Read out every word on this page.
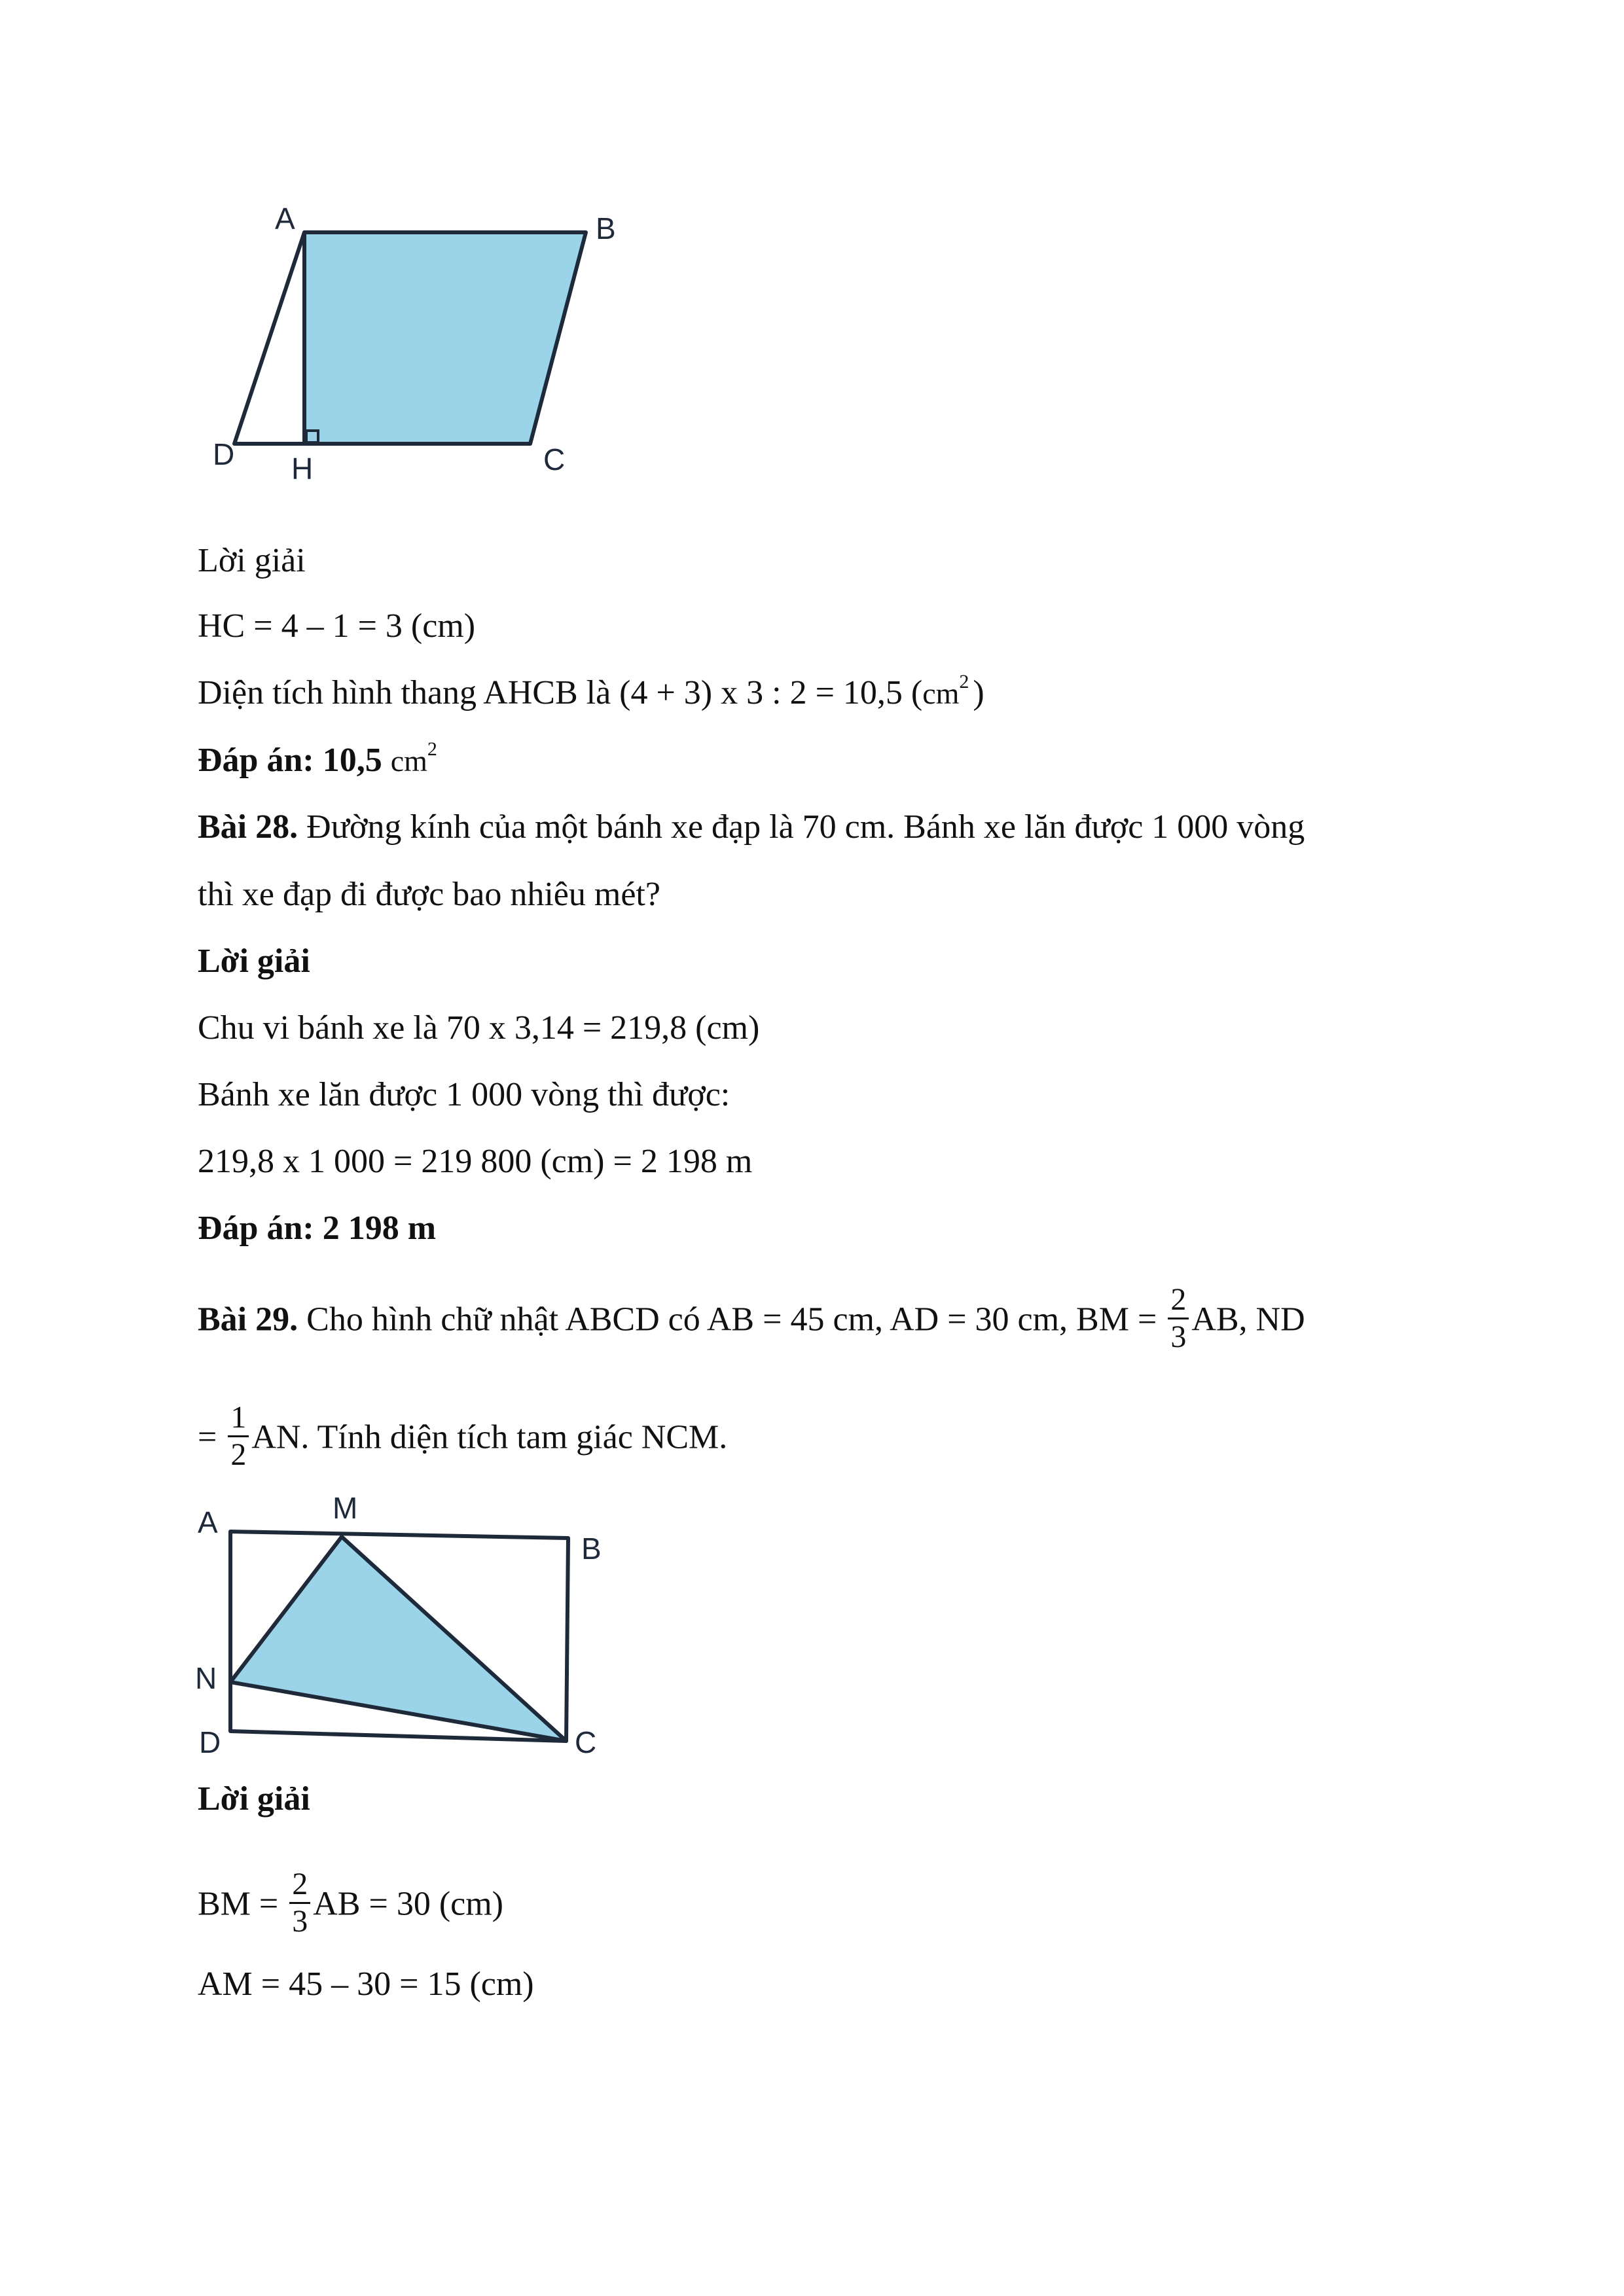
A	B
D H	C
Lời giải
HC = 4 – 1 = 3 (cm)
Diện tích hình thang AHCB là (4 + 3) x 3 : 2 = 10,5 ($cm^2$ )
Đáp án: 10,5 $cm^2$
Bài 28. Đường kính của một bánh xe đạp là 70 cm. Bánh xe lăn được 1 000 vòng
thì xe đạp đi được bao nhiêu mét?
Lời giải
Chu vi bánh xe là 70 x 3,14 = 219,8 (cm)
Bánh xe lăn được 1 000 vòng thì được:
219,8 x 1 000 = 219 800 (cm) = 2 198 m
Đáp án: 2 198 m
Bài 29. Cho hình chữ nhật ABCD có AB = 45 cm, AD = 30 cm, BM = $\frac{2}{3}$ AB, ND
= $\frac{1}{2}$ AN. Tính diện tích tam giác NCM.
A	M
B
N
D	C
Lời giải
BM = $\frac{2}{3}$ AB = 30 (cm)
AM = 45 – 30 = 15 (cm)
